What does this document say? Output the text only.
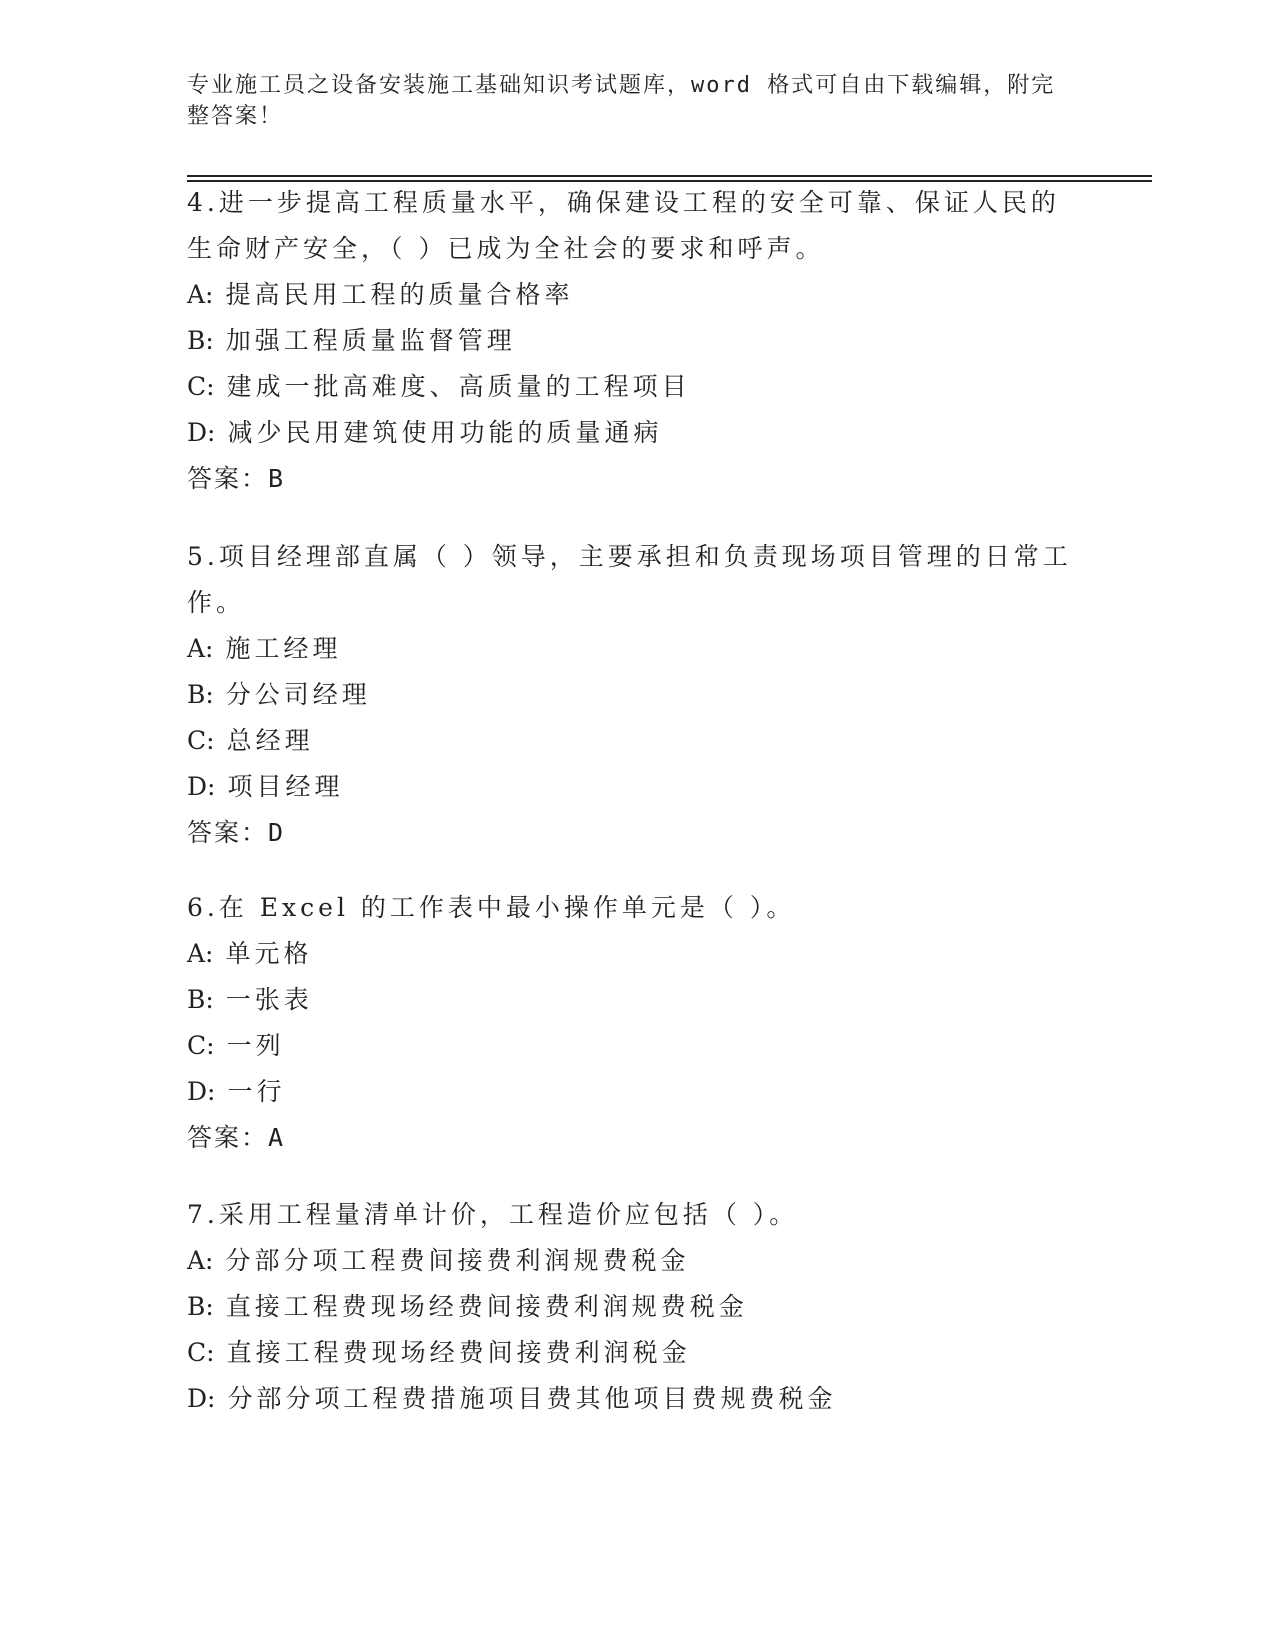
专业施工员之设备安装施工基础知识考试题库，word 格式可自由下载编辑，附完
整答案！
4.进一步提高工程质量水平，确保建设工程的安全可靠、保证人民的
生命财产安全，（ ）已成为全社会的要求和呼声。
A: 提高民用工程的质量合格率
B: 加强工程质量监督管理
C: 建成一批高难度、高质量的工程项目
D: 减少民用建筑使用功能的质量通病
答案：B
5.项目经理部直属（ ）领导，主要承担和负责现场项目管理的日常工
作。
A: 施工经理
B: 分公司经理
C: 总经理
D: 项目经理
答案：D
6.在 Excel 的工作表中最小操作单元是（ ）。
A: 单元格
B: 一张表
C: 一列
D: 一行
答案：A
7.采用工程量清单计价，工程造价应包括（ ）。
A: 分部分项工程费间接费利润规费税金
B: 直接工程费现场经费间接费利润规费税金
C: 直接工程费现场经费间接费利润税金
D: 分部分项工程费措施项目费其他项目费规费税金
